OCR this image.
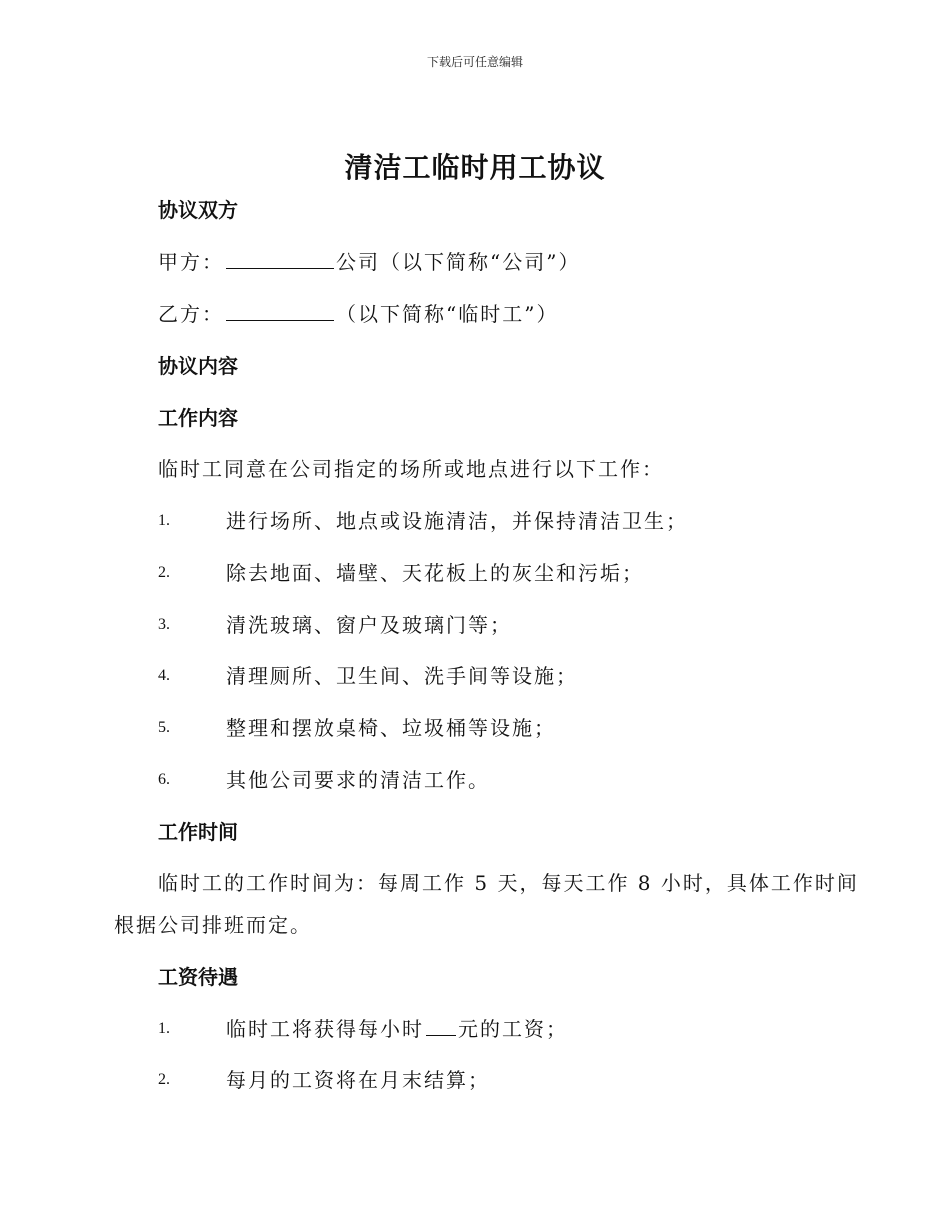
下载后可任意编辑
清洁工临时用工协议
协议双方
甲方：	公司（以下简称“公司”）
乙方：	（以下简称“临时工”）
协议内容
工作内容
临时工同意在公司指定的场所或地点进行以下工作：
1.	进行场所、地点或设施清洁，并保持清洁卫生；
2.	除去地面、墙壁、天花板上的灰尘和污垢；
3.	清洗玻璃、窗户及玻璃门等；
4.	清理厕所、卫生间、洗手间等设施；
5.	整理和摆放桌椅、垃圾桶等设施；
6.	其他公司要求的清洁工作。
工作时间
临时工的工作时间为：每周工作 5 天，每天工作 8 小时，具体工作时间
根据公司排班而定。
工资待遇
1.	临时工将获得每小时 元的工资；
2.	每月的工资将在月末结算；
